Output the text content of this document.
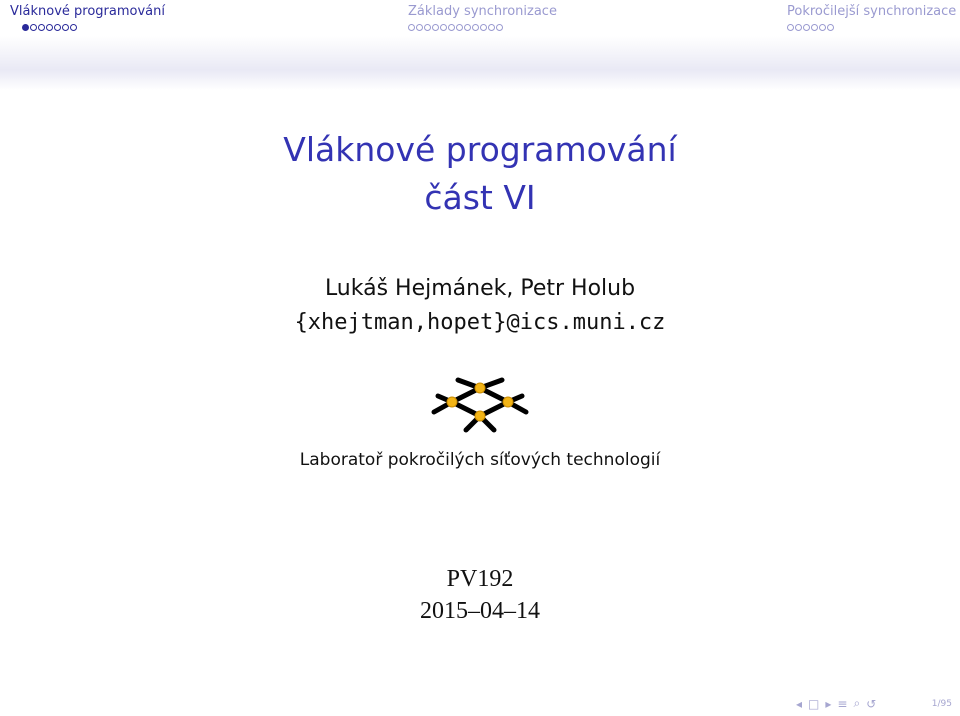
Vláknové programování	Základy synchronizace	Pokročilejší synchronizace
Vláknové programování
část VI
Lukáš Hejmánek, Petr Holub
{xhejtman,hopet}@ics.muni.cz
Laboratoř pokročilých síťových technologií
PV192
2015–04–14
◂ □ ▸ ≡ ⌕ ↺	1/95
